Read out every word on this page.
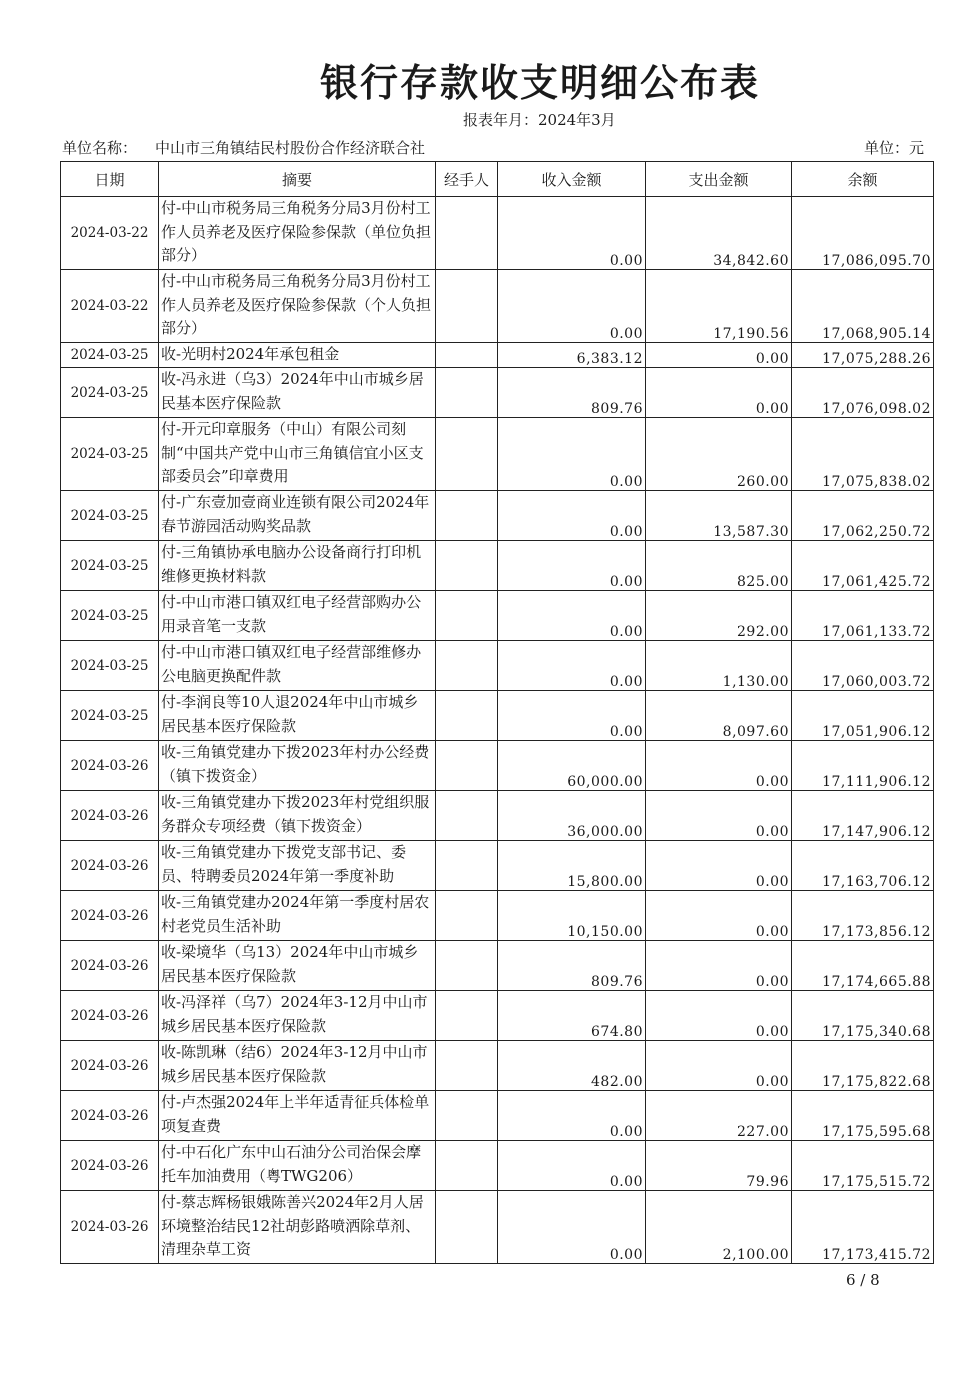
银行存款收支明细公布表
报表年月：2024年3月
单位名称： 中山市三角镇结民村股份合作经济联合社	单位：元
日期	摘要	经手人	收入金额	支出金额	余额
2024-03-22	付-中山市税务局三角税务分局3月份村工作人员养老及医疗保险参保款（单位负担部分）		0.00	34,842.60	17,086,095.70
2024-03-22	付-中山市税务局三角税务分局3月份村工作人员养老及医疗保险参保款（个人负担部分）		0.00	17,190.56	17,068,905.14
2024-03-25	收-光明村2024年承包租金		6,383.12	0.00	17,075,288.26
2024-03-25	收-冯永进（乌3）2024年中山市城乡居民基本医疗保险款		809.76	0.00	17,076,098.02
2024-03-25	付-开元印章服务（中山）有限公司刻制“中国共产党中山市三角镇信宜小区支部委员会”印章费用		0.00	260.00	17,075,838.02
2024-03-25	付-广东壹加壹商业连锁有限公司2024年春节游园活动购奖品款		0.00	13,587.30	17,062,250.72
2024-03-25	付-三角镇协承电脑办公设备商行打印机维修更换材料款		0.00	825.00	17,061,425.72
2024-03-25	付-中山市港口镇双红电子经营部购办公用录音笔一支款		0.00	292.00	17,061,133.72
2024-03-25	付-中山市港口镇双红电子经营部维修办公电脑更换配件款		0.00	1,130.00	17,060,003.72
2024-03-25	付-李润良等10人退2024年中山市城乡居民基本医疗保险款		0.00	8,097.60	17,051,906.12
2024-03-26	收-三角镇党建办下拨2023年村办公经费（镇下拨资金）		60,000.00	0.00	17,111,906.12
2024-03-26	收-三角镇党建办下拨2023年村党组织服务群众专项经费（镇下拨资金）		36,000.00	0.00	17,147,906.12
2024-03-26	收-三角镇党建办下拨党支部书记、委员、特聘委员2024年第一季度补助		15,800.00	0.00	17,163,706.12
2024-03-26	收-三角镇党建办2024年第一季度村居农村老党员生活补助		10,150.00	0.00	17,173,856.12
2024-03-26	收-梁境华（乌13）2024年中山市城乡居民基本医疗保险款		809.76	0.00	17,174,665.88
2024-03-26	收-冯泽祥（乌7）2024年3-12月中山市城乡居民基本医疗保险款		674.80	0.00	17,175,340.68
2024-03-26	收-陈凯琳（结6）2024年3-12月中山市城乡居民基本医疗保险款		482.00	0.00	17,175,822.68
2024-03-26	付-卢杰强2024年上半年适青征兵体检单项复查费		0.00	227.00	17,175,595.68
2024-03-26	付-中石化广东中山石油分公司治保会摩托车加油费用（粤TWG206）		0.00	79.96	17,175,515.72
2024-03-26	付-蔡志辉杨银娥陈善兴2024年2月人居环境整治结民12社胡彭路喷洒除草剂、清理杂草工资		0.00	2,100.00	17,173,415.72
6 / 8
